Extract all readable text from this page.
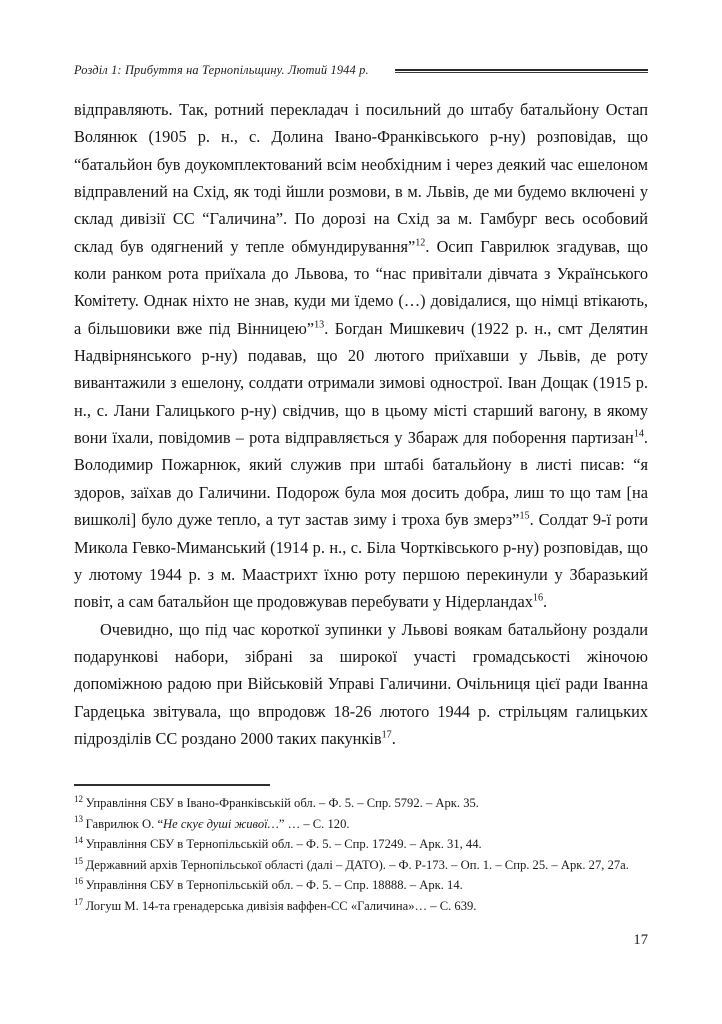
Розділ 1: Прибуття на Тернопільщину. Лютий 1944 р.

відправляють. Так, ротний перекладач і посильний до штабу батальйону Остап Волянюк (1905 р. н., с. Долина Івано-Франківського р-ну) розповідав, що “батальйон був доукомплектований всім необхідним і через деякий час ешелоном відправлений на Схід, як тоді йшли розмови, в м. Львів, де ми будемо включені у склад дивізії СС “Галичина”. По дорозі на Схід за м. Гамбург весь особовий склад був одягнений у тепле обмундирування”$^{12}$. Осип Гаврилюк згадував, що коли ранком рота приїхала до Львова, то “нас привітали дівчата з Українського Комітету. Однак ніхто не знав, куди ми їдемо (…) довідалися, що німці втікають, а більшовики вже під Вінницею”$^{13}$. Богдан Мишкевич (1922 р. н., смт Делятин Надвірнянського р-ну) подавав, що 20 лютого приїхавши у Львів, де роту вивантажили з ешелону, солдати отримали зимові однострої. Іван Дощак (1915 р. н., с. Лани Галицького р-ну) свідчив, що в цьому місті старший вагону, в якому вони їхали, повідомив – рота відправляється у Збараж для поборення партизан$^{14}$. Володимир Пожарнюк, який служив при штабі батальйону в листі писав: “я здоров, заїхав до Галичини. Подорож була моя досить добра, лиш то що там [на вишколі] було дуже тепло, а тут застав зиму і троха був змерз”$^{15}$. Солдат 9-ї роти Микола Гевко-Миманський (1914 р. н., с. Біла Чортківського р-ну) розповідав, що у лютому 1944 р. з м. Маастрихт їхню роту першою перекинули у Збаразький повіт, а сам батальйон ще продовжував перебувати у Нідерландах$^{16}$.

Очевидно, що під час короткої зупинки у Львові воякам батальйону роздали подарункові набори, зібрані за широкої участі громадськості жіночою допоміжною радою при Військовій Управі Галичини. Очільниця цієї ради Іванна Гардецька звітувала, що впродовж 18-26 лютого 1944 р. стрільцям галицьких підрозділів СС роздано 2000 таких пакунків$^{17}$.

$^{12}$ Управління СБУ в Івано-Франківській обл. – Ф. 5. – Спр. 5792. – Арк. 35.

$^{13}$ Гаврилюк О. “Не скує душі живої…” … – С. 120.

$^{14}$ Управління СБУ в Тернопільській обл. – Ф. 5. – Спр. 17249. – Арк. 31, 44.

$^{15}$ Державний архів Тернопільської області (далі – ДАТО). – Ф. Р-173. – Оп. 1. – Спр. 25. – Арк. 27, 27а.

$^{16}$ Управління СБУ в Тернопільській обл. – Ф. 5. – Спр. 18888. – Арк. 14.

$^{17}$ Логуш М. 14-та гренадерська дивізія ваффен-СС «Галичина»… – С. 639.

17
